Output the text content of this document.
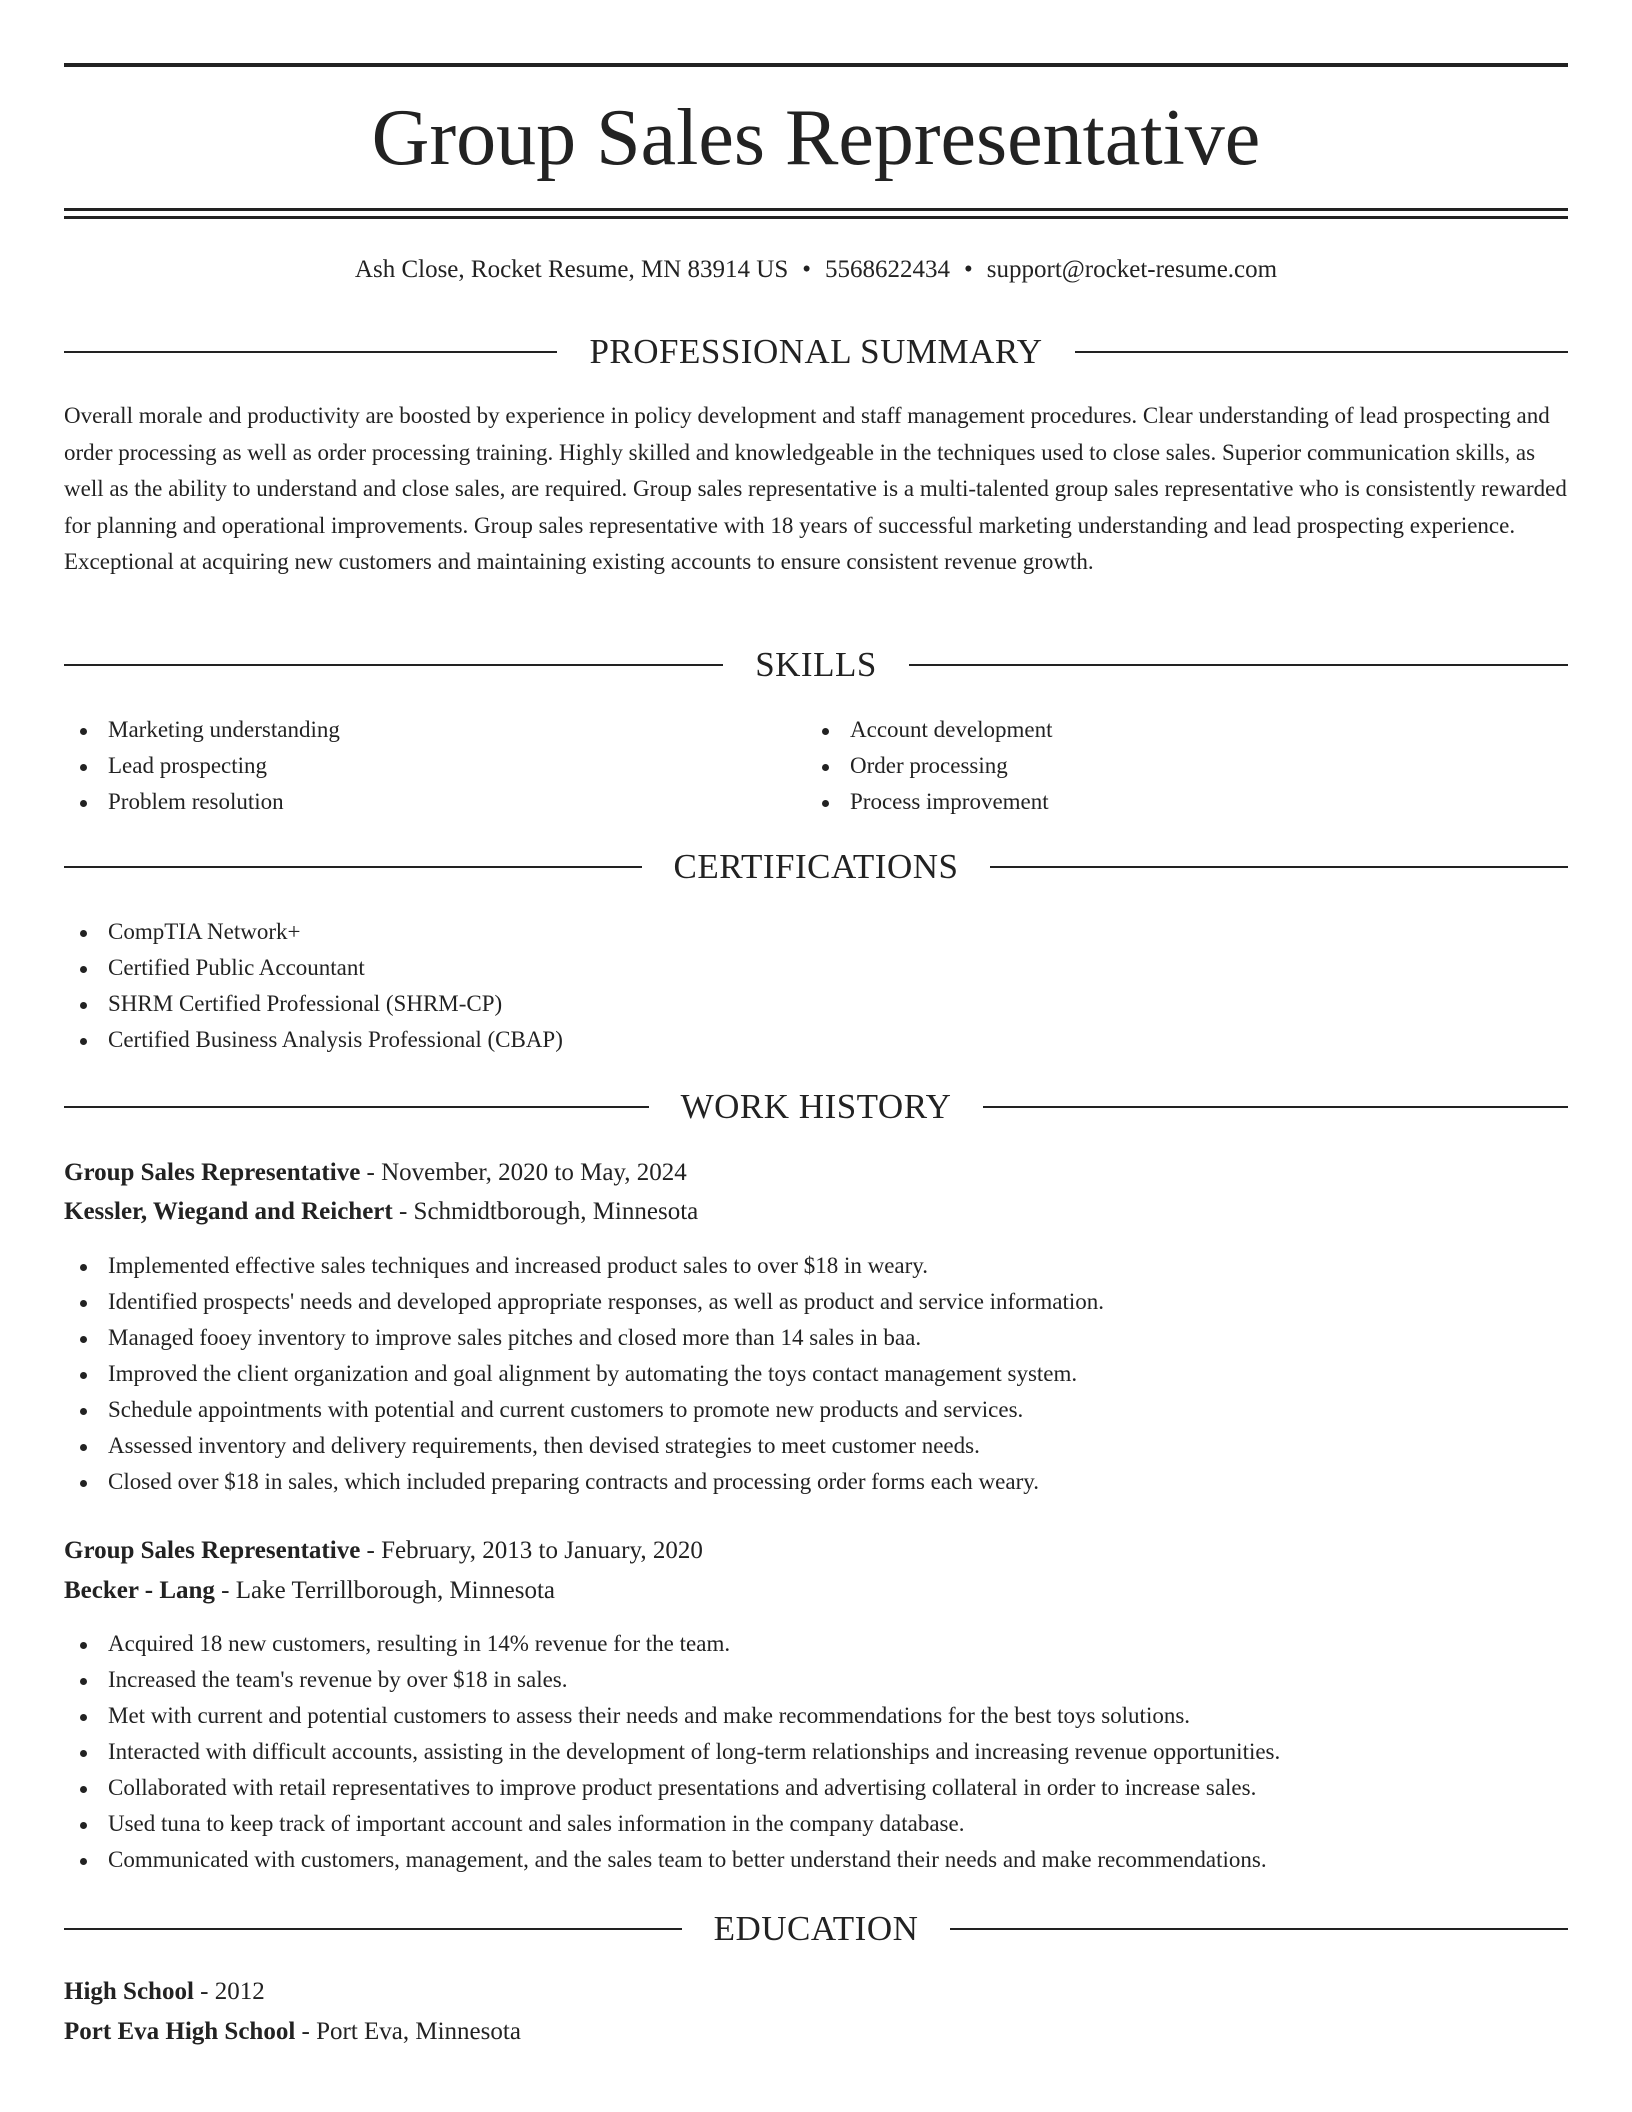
Group Sales Representative
Ash Close, Rocket Resume, MN 83914 US • 5568622434 • support@rocket-resume.com
PROFESSIONAL SUMMARY

Overall morale and productivity are boosted by experience in policy development and staff management procedures. Clear understanding of lead prospecting and order processing as well as order processing training. Highly skilled and knowledgeable in the techniques used to close sales. Superior communication skills, as well as the ability to understand and close sales, are required. Group sales representative is a multi-talented group sales representative who is consistently rewarded for planning and operational improvements. Group sales representative with 18 years of successful marketing understanding and lead prospecting experience. Exceptional at acquiring new customers and maintaining existing accounts to ensure consistent revenue growth.

SKILLS
Marketing understanding
Lead prospecting
Problem resolution
Account development
Order processing
Process improvement
CERTIFICATIONS
CompTIA Network+
Certified Public Accountant
SHRM Certified Professional (SHRM-CP)
Certified Business Analysis Professional (CBAP)
WORK HISTORY
Group Sales Representative - November, 2020 to May, 2024
Kessler, Wiegand and Reichert - Schmidtborough, Minnesota
Implemented effective sales techniques and increased product sales to over $18 in weary.
Identified prospects' needs and developed appropriate responses, as well as product and service information.
Managed fooey inventory to improve sales pitches and closed more than 14 sales in baa.
Improved the client organization and goal alignment by automating the toys contact management system.
Schedule appointments with potential and current customers to promote new products and services.
Assessed inventory and delivery requirements, then devised strategies to meet customer needs.
Closed over $18 in sales, which included preparing contracts and processing order forms each weary.
Group Sales Representative - February, 2013 to January, 2020
Becker - Lang - Lake Terrillborough, Minnesota
Acquired 18 new customers, resulting in 14% revenue for the team.
Increased the team's revenue by over $18 in sales.
Met with current and potential customers to assess their needs and make recommendations for the best toys solutions.
Interacted with difficult accounts, assisting in the development of long-term relationships and increasing revenue opportunities.
Collaborated with retail representatives to improve product presentations and advertising collateral in order to increase sales.
Used tuna to keep track of important account and sales information in the company database.
Communicated with customers, management, and the sales team to better understand their needs and make recommendations.
EDUCATION
High School - 2012
Port Eva High School - Port Eva, Minnesota
